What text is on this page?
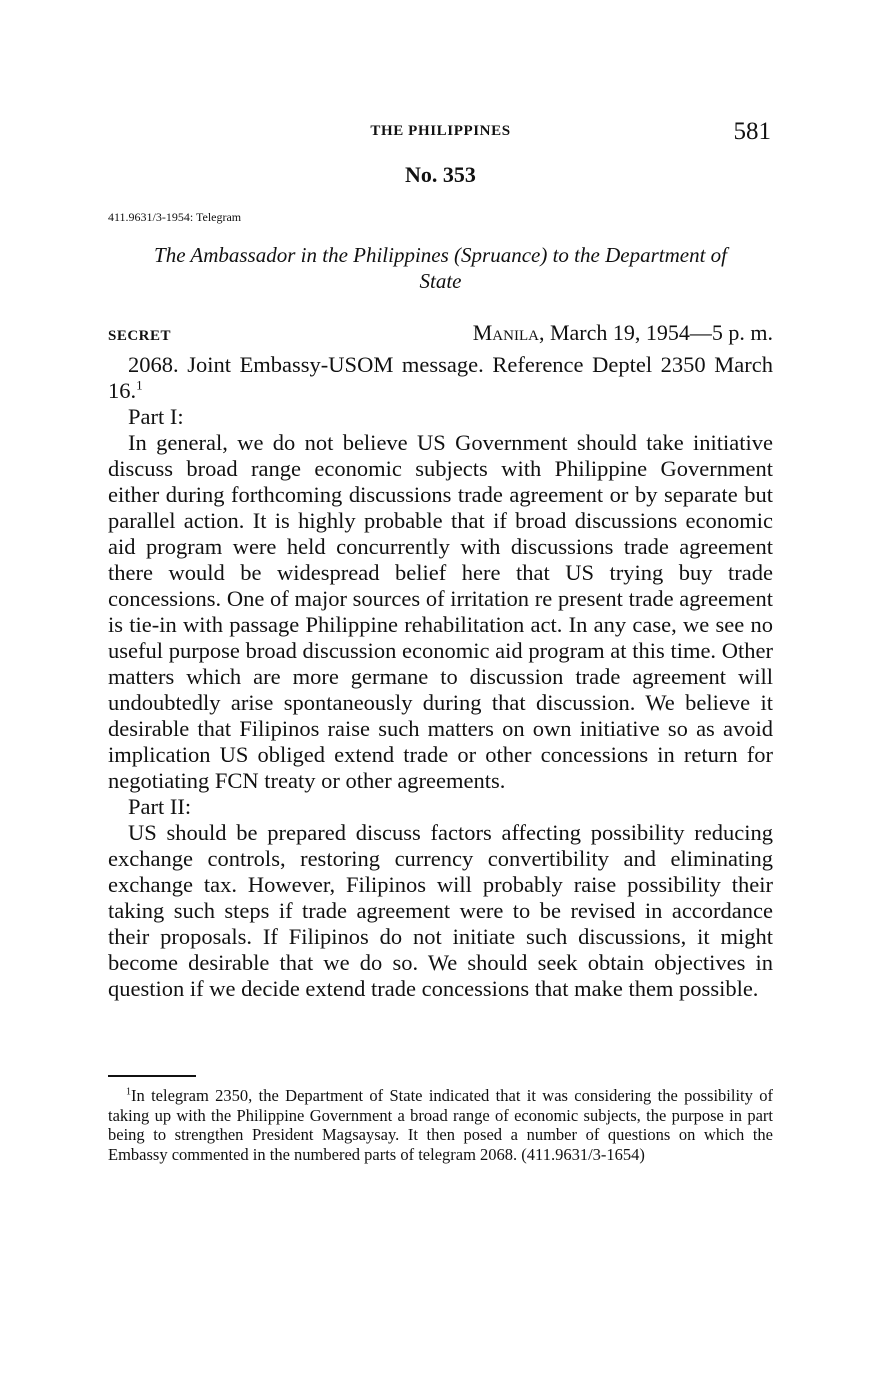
THE PHILIPPINES	581
No. 353
411.9631/3-1954: Telegram
The Ambassador in the Philippines (Spruance) to the Department of
State
SECRET	Manila, March 19, 1954—5 p. m.

2068. Joint Embassy-USOM message. Reference Deptel 2350 March 16.$^1$

Part I:

In general, we do not believe US Government should take initiative discuss broad range economic subjects with Philippine Government either during forthcoming discussions trade agreement or by separate but parallel action. It is highly probable that if broad discussions economic aid program were held concurrently with discussions trade agreement there would be widespread belief here that US trying buy trade concessions. One of major sources of irritation re present trade agreement is tie-in with passage Philippine rehabilitation act. In any case, we see no useful purpose broad discussion economic aid program at this time. Other matters which are more germane to discussion trade agreement will undoubtedly arise spontaneously during that discussion. We believe it desirable that Filipinos raise such matters on own initiative so as avoid implication US obliged extend trade or other concessions in return for negotiating FCN treaty or other agreements.

Part II:

US should be prepared discuss factors affecting possibility reducing exchange controls, restoring currency convertibility and eliminating exchange tax. However, Filipinos will probably raise possibility their taking such steps if trade agreement were to be revised in accordance their proposals. If Filipinos do not initiate such discussions, it might become desirable that we do so. We should seek obtain objectives in question if we decide extend trade concessions that make them possible.

$^1$In telegram 2350, the Department of State indicated that it was considering the possibility of taking up with the Philippine Government a broad range of economic subjects, the purpose in part being to strengthen President Magsaysay. It then posed a number of questions on which the Embassy commented in the numbered parts of telegram 2068. (411.9631/3-1654)
